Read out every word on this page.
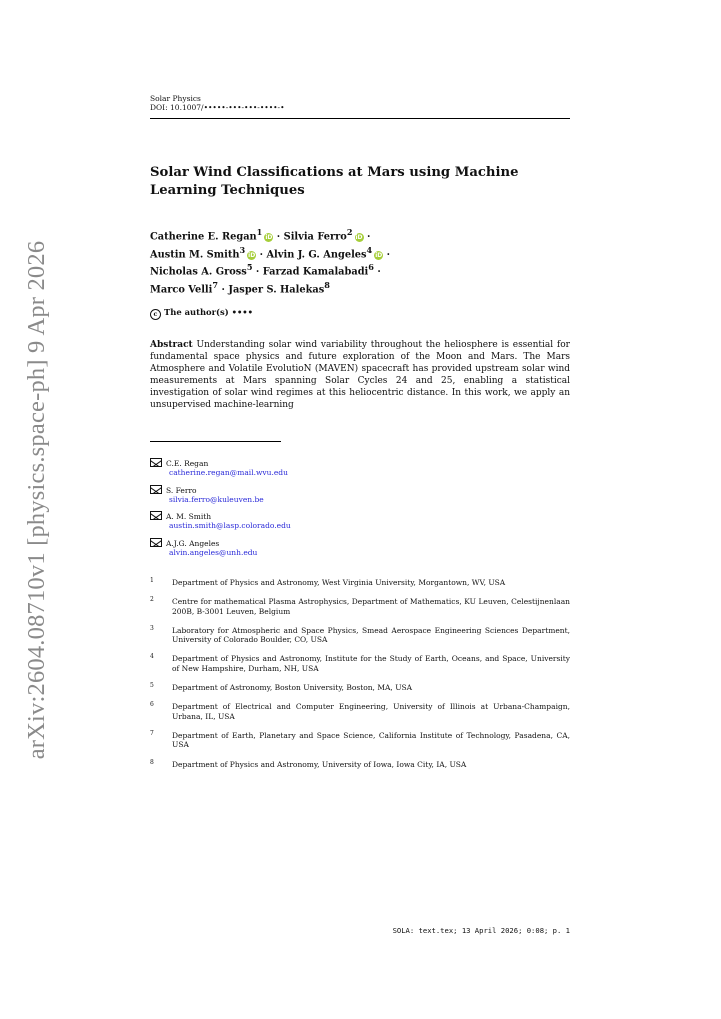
arXiv:2604.08710v1 [physics.space-ph] 9 Apr 2026
Solar Physics
DOI: 10.1007/•••••-•••-•••-••••-•
Solar Wind Classifications at Mars using Machine Learning Techniques
Catherine E. Regan$^1$iD · Silvia Ferro$^2$iD ·
Austin M. Smith$^3$iD · Alvin J. G. Angeles$^4$iD ·
Nicholas A. Gross$^5$ · Farzad Kamalabadi$^6$ ·
Marco Velli$^7$ · Jasper S. Halekas$^8$
c The author(s) ••••
Abstract Understanding solar wind variability throughout the heliosphere is essential for fundamental space physics and future exploration of the Moon and Mars. The Mars Atmosphere and Volatile EvolutioN (MAVEN) spacecraft has provided upstream solar wind measurements at Mars spanning Solar Cycles 24 and 25, enabling a statistical investigation of solar wind regimes at this heliocentric distance. In this work, we apply an unsupervised machine-learning
C.E. Regan
catherine.regan@mail.wvu.edu
S. Ferro
silvia.ferro@kuleuven.be
A. M. Smith
austin.smith@lasp.colorado.edu
A.J.G. Angeles
alvin.angeles@unh.edu
1 Department of Physics and Astronomy, West Virginia University, Morgantown, WV, USA
2 Centre for mathematical Plasma Astrophysics, Department of Mathematics, KU Leuven, Celestijnenlaan 200B, B-3001 Leuven, Belgium
3 Laboratory for Atmospheric and Space Physics, Smead Aerospace Engineering Sciences Department, University of Colorado Boulder, CO, USA
4 Department of Physics and Astronomy, Institute for the Study of Earth, Oceans, and Space, University of New Hampshire, Durham, NH, USA
5 Department of Astronomy, Boston University, Boston, MA, USA
6 Department of Electrical and Computer Engineering, University of Illinois at Urbana-Champaign, Urbana, IL, USA
7 Department of Earth, Planetary and Space Science, California Institute of Technology, Pasadena, CA, USA
8 Department of Physics and Astronomy, University of Iowa, Iowa City, IA, USA
SOLA: text.tex; 13 April 2026; 0:08; p. 1
